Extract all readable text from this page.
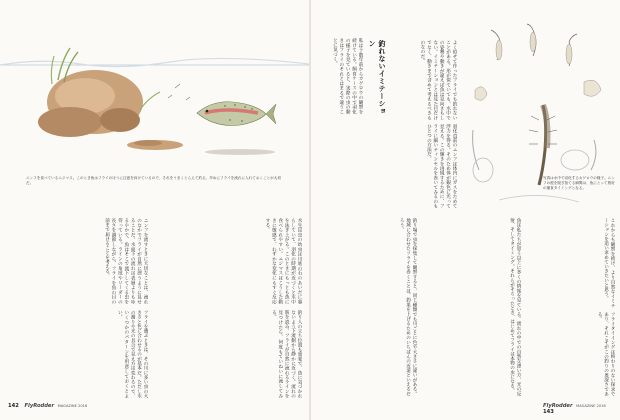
ニンフを食べているニジマス。このとき魚はフライのほうに注意を向けているので、それをうまくとらえて釣る。早めにフライを流れに入れておくことが大切だ。
ニンフを流すときに大切なことは、流れのなかでフライが自然に漂うように見せることだ。水面下の流れは表層よりもゆるやかで、魚はそこで流下してくる虫を待っている。ラインの角度やリーダーの長さを調節しながら、フライを魚の目の前まで届けることを考える。	水生昆虫の幼虫は川底の石のあいだに暮らしていて、羽化の時期が近づくと水中を泳ぎ上がる。このときにもっとも魚に食べられやすい。ニジマスはこうした動きに敏感で、わずかな変化にもすぐ反応する。
フライを選ぶときは、その川に多い虫の大きさと色に合わせるのが基本だ。ただし水の濁りや光の具合で見え方は変わるので、いくつかのパターンを用意しておくとよい。	釣り人の立ち位置も重要で、魚に気づかれないよう下流側から静かに近づく。流れの筋を読み、フライが自然に流れるラインを見つけたら、何度もていねいに流してみる。
142 FlyRodder MAGAZINE 2016
私は十数年前からカゲロウの観察を続けている。飼育ケースの中で羽化の様子を見ていると、実際の虫の動きはフライのそれとはまるで違うことに気づく。	釣れないイミテーション	よく似せて作ったフライでも釣れないことがある。形が似ていても、水中での姿勢や動きが違えば魚は見向きもしない。イミテーションとは見た目だけでなく、動きまで含めて考えるべきものなのだ。
写真は水中で羽化するカゲロウの様子。ニンフの殻を脱ぎ捨てる瞬間は、魚にとって格好の捕食タイミングとなる。
羽化直前のニンフは体内にガスをためて浮力を得る。そのため体が銀色に光って見える。この輝きを再現するために、フライに細いティンセルを巻いてみるのもひとつの方法だ。
釣り場で虫を採集して観察すると、同じ種類でも川ごとに色や大きさに違いがある。地域に合わせたフライを巻くことは、釣果を上げるためのいちばんの近道といえるだろう。	魚は私たちが思う以上に多くの情報を見ている。流れの中での自然な漂い方、光の反射、そしてタイミング。それらがそろったとき、はじめてフライは本物の虫になる。	これからも観察を続け、より自然なイミテーションを追い求めていきたいと思う。
フライタイイングは終わりのない探求であり、それこそがこの釣りの奥深さである。
FlyRodder MAGAZINE 2016 143
